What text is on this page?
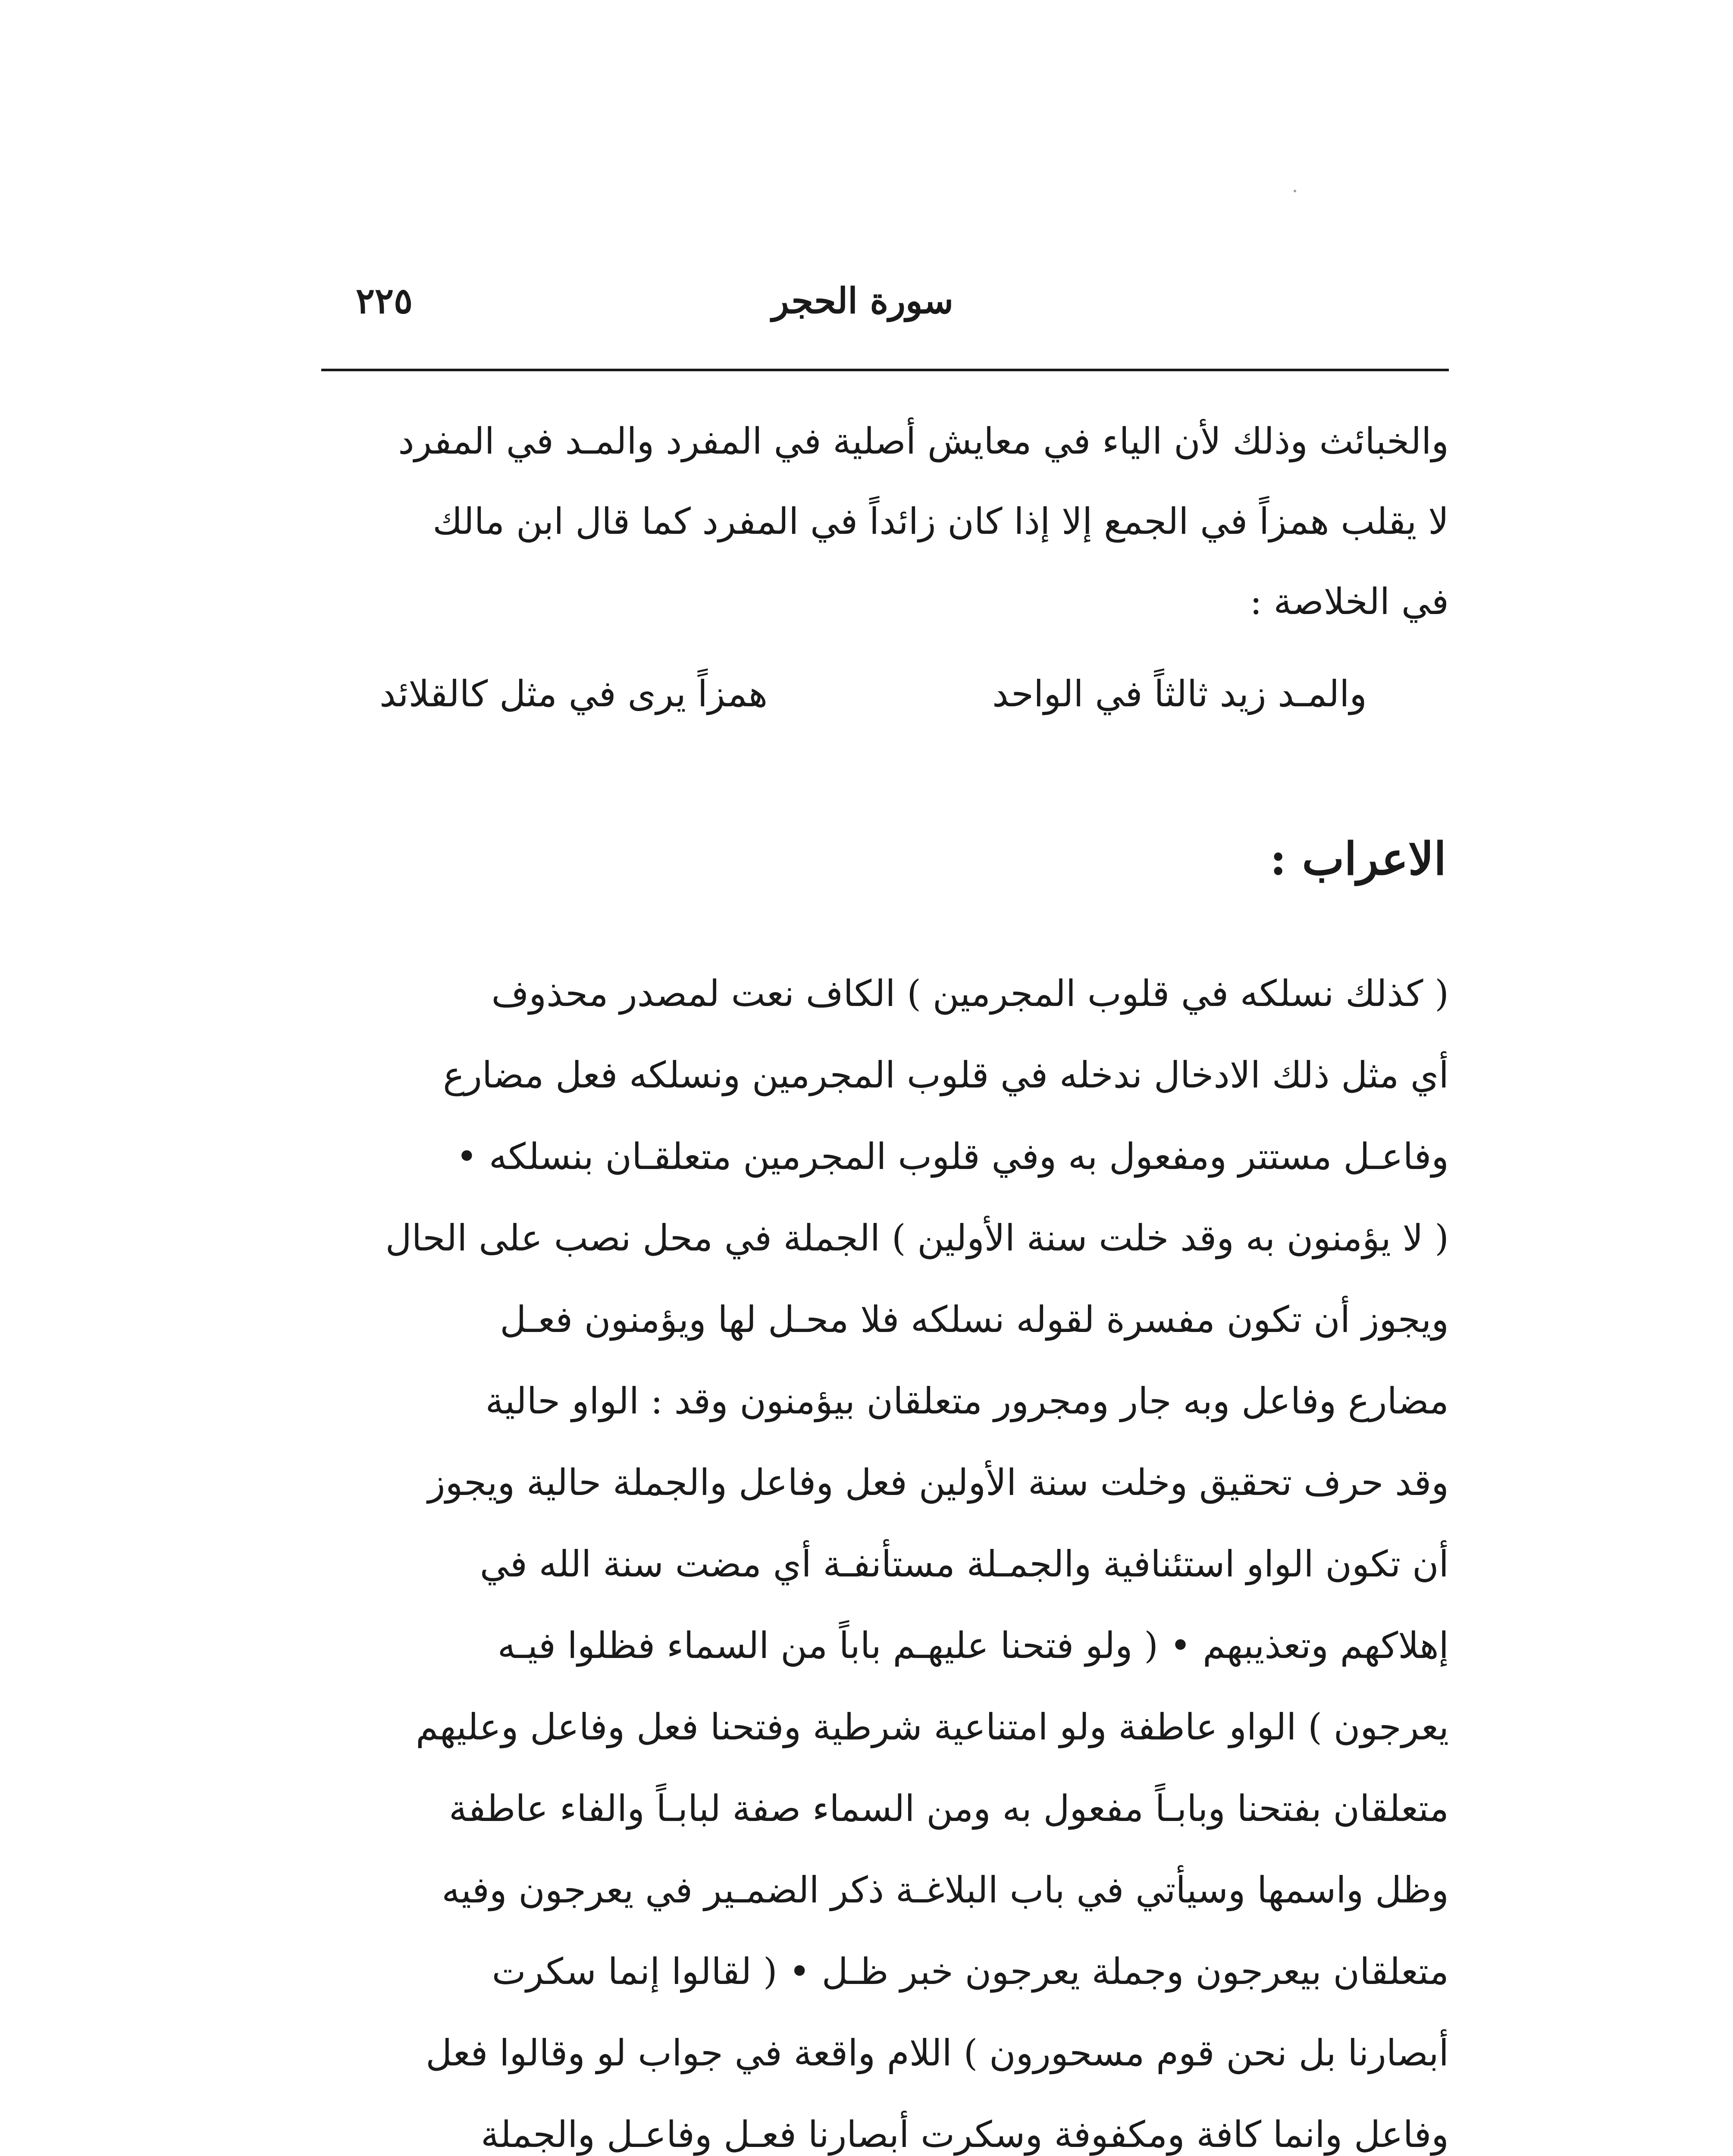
٢٢٥	سورة الحجر
والخبائث وذلك لأن الياء في معايش أصلية في المفرد والمـد في المفرد
لا يقلب همزاً في الجمع إلا إذا كان زائداً في المفرد كما قال ابن مالك
في الخلاصة :
والمـد زيد ثالثاً في الواحد
همزاً يرى في مثل كالقلائد
الاعراب :
( كذلك نسلكه في قلوب المجرمين ) الكاف نعت لمصدر محذوف
أي مثل ذلك الادخال ندخله في قلوب المجرمين ونسلكه فعل مضارع
وفاعـل مستتر ومفعول به وفي قلوب المجرمين متعلقـان بنسلكه •
( لا يؤمنون به وقد خلت سنة الأولين ) الجملة في محل نصب على الحال
ويجوز أن تكون مفسرة لقوله نسلكه فلا محـل لها ويؤمنون فعـل
مضارع وفاعل وبه جار ومجرور متعلقان بيؤمنون وقد : الواو حالية
وقد حرف تحقيق وخلت سنة الأولين فعل وفاعل والجملة حالية ويجوز
أن تكون الواو استئنافية والجمـلة مستأنفـة أي مضت سنة الله في
إهلاكهم وتعذيبهم • ( ولو فتحنا عليهـم باباً من السماء فظلوا فيـه
يعرجون ) الواو عاطفة ولو امتناعية شرطية وفتحنا فعل وفاعل وعليهم
متعلقان بفتحنا وبابـاً مفعول به ومن السماء صفة لبابـاً والفاء عاطفة
وظل واسمها وسيأتي في باب البلاغـة ذكر الضمـير في يعرجون وفيه
متعلقان بيعرجون وجملة يعرجون خبر ظـل • ( لقالوا إنما سكرت
أبصارنا بل نحن قوم مسحورون ) اللام واقعة في جواب لو وقالوا فعل
وفاعل وانما كافة ومكفوفة وسكرت أبصارنا فعـل وفاعـل والجملة
